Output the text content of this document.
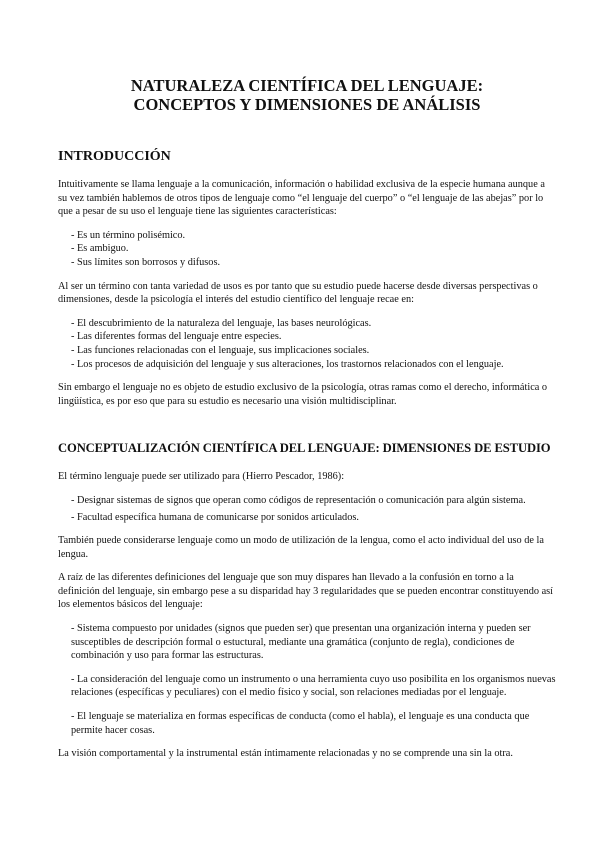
NATURALEZA CIENTÍFICA DEL LENGUAJE:
CONCEPTOS Y DIMENSIONES DE ANÁLISIS
INTRODUCCIÓN

Intuitivamente se llama lenguaje a la comunicación, información o habilidad exclusiva de la especie humana aunque a su vez también hablemos de otros tipos de lenguaje como “el lenguaje del cuerpo” o “el lenguaje de las abejas” por lo que a pesar de su uso el lenguaje tiene las siguientes características:

- Es un término polisémico.
- Es ambiguo.
- Sus límites son borrosos y difusos.

Al ser un término con tanta variedad de usos es por tanto que su estudio puede hacerse desde diversas perspectivas o dimensiones, desde la psicología el interés del estudio científico del lenguaje recae en:

- El descubrimiento de la naturaleza del lenguaje, las bases neurológicas.
- Las diferentes formas del lenguaje entre especies.
- Las funciones relacionadas con el lenguaje, sus implicaciones sociales.
- Los procesos de adquisición del lenguaje y sus alteraciones, los trastornos relacionados con el lenguaje.

Sin embargo el lenguaje no es objeto de estudio exclusivo de la psicología, otras ramas como el derecho, informática o lingüística, es por eso que para su estudio es necesario una visión multidisciplinar.

CONCEPTUALIZACIÓN CIENTÍFICA DEL LENGUAJE: DIMENSIONES DE ESTUDIO

El término lenguaje puede ser utilizado para (Hierro Pescador, 1986):

- Designar sistemas de signos que operan como códigos de representación o comunicación para algún sistema.
- Facultad específica humana de comunicarse por sonidos articulados.

También puede considerarse lenguaje como un modo de utilización de la lengua, como el acto individual del uso de la lengua.

A raíz de las diferentes definiciones del lenguaje que son muy dispares han llevado a la confusión en torno a la definición del lenguaje, sin embargo pese a su disparidad hay 3 regularidades que se pueden encontrar constituyendo así los elementos básicos del lenguaje:

- Sistema compuesto por unidades (signos que pueden ser) que presentan una organización interna y pueden ser susceptibles de descripción formal o estuctural, mediante una gramática (conjunto de regla), condiciones de combinación y uso para formar las estructuras.
- La consideración del lenguaje como un instrumento o una herramienta cuyo uso posibilita en los organismos nuevas relaciones (específicas y peculiares) con el medio físico y social, son relaciones mediadas por el lenguaje.
- El lenguaje se materializa en formas específicas de conducta (como el habla), el lenguaje es una conducta que permite hacer cosas.

La visión comportamental y la instrumental están íntimamente relacionadas y no se comprende una sin la otra.
